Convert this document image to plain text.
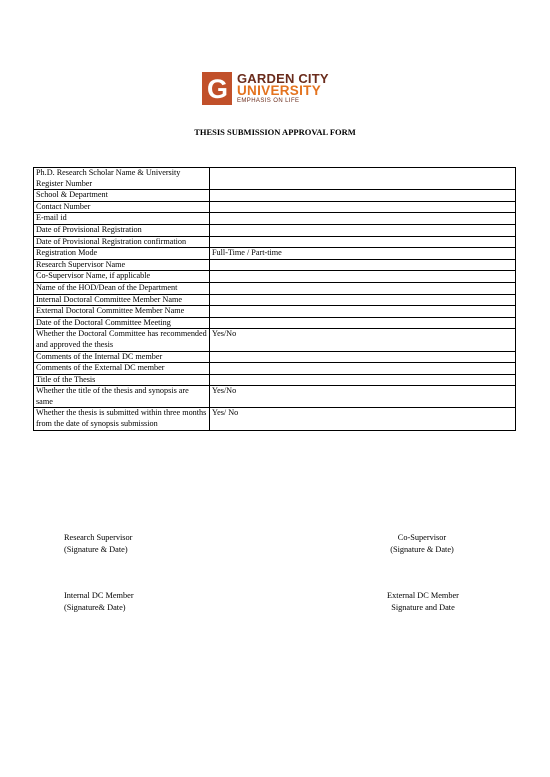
G GARDEN CITY
UNIVERSITY
EMPHASIS ON LIFE
THESIS SUBMISSION APPROVAL FORM
Ph.D. Research Scholar Name & University Register Number	
School & Department	
Contact Number	
E-mail id	
Date of Provisional Registration	
Date of Provisional Registration confirmation	
Registration Mode	Full-Time / Part-time
Research Supervisor Name	
Co-Supervisor Name, if applicable	
Name of the HOD/Dean of the Department	
Internal Doctoral Committee Member Name	
External Doctoral Committee Member Name	
Date of the Doctoral Committee Meeting	
Whether the Doctoral Committee has recommended and approved the thesis	Yes/No
Comments of the Internal DC member	
Comments of the External DC member	
Title of the Thesis	
Whether the title of the thesis and synopsis are same	Yes/No
Whether the thesis is submitted within three months from the date of synopsis submission	Yes/ No
Research Supervisor
(Signature & Date)
Co-Supervisor
(Signature & Date)
Internal DC Member
(Signature& Date)
External DC Member
Signature and Date
